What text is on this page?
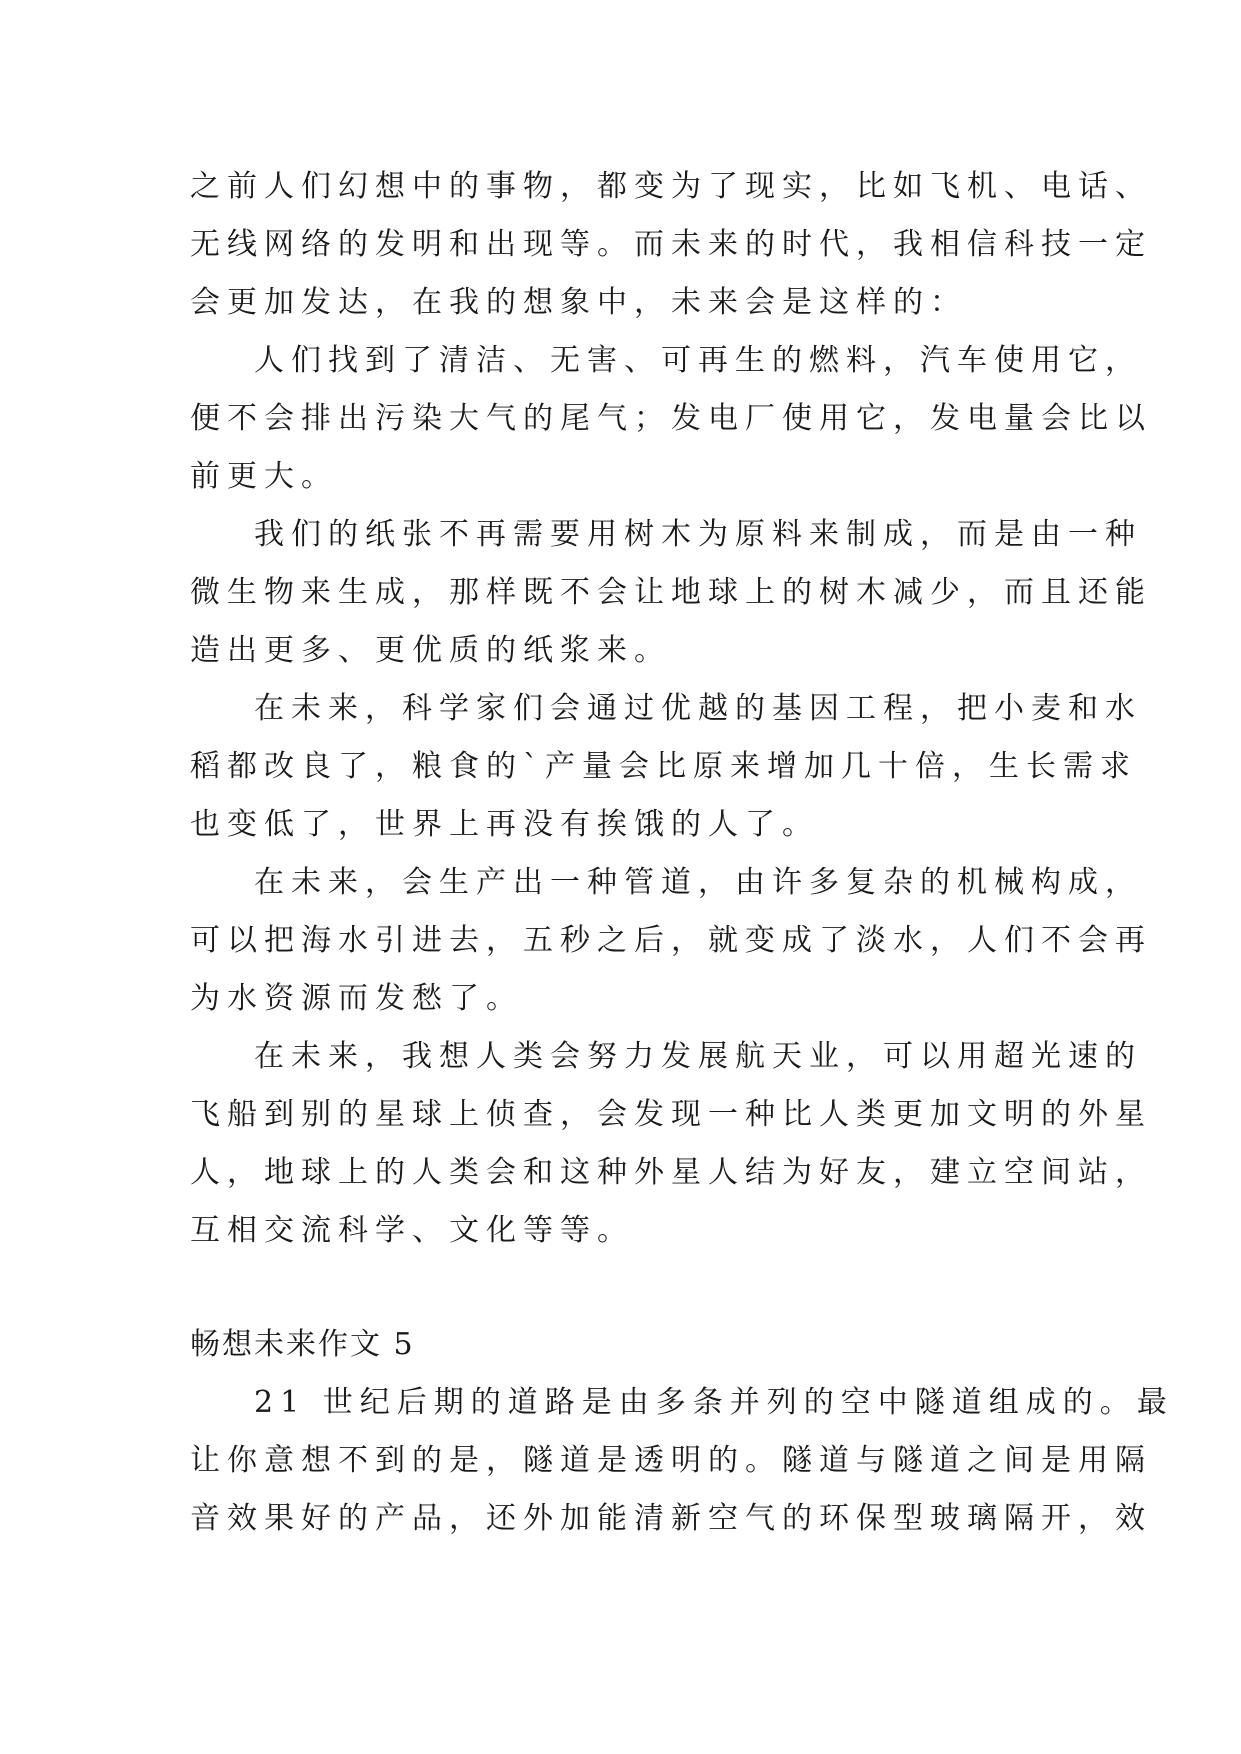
之前人们幻想中的事物，都变为了现实，比如飞机、电话、
无线网络的发明和出现等。而未来的时代，我相信科技一定
会更加发达，在我的想象中，未来会是这样的：
人们找到了清洁、无害、可再生的燃料，汽车使用它，
便不会排出污染大气的尾气；发电厂使用它，发电量会比以
前更大。
我们的纸张不再需要用树木为原料来制成，而是由一种
微生物来生成，那样既不会让地球上的树木减少，而且还能
造出更多、更优质的纸浆来。
在未来，科学家们会通过优越的基因工程，把小麦和水
稻都改良了，粮食的`产量会比原来增加几十倍，生长需求
也变低了，世界上再没有挨饿的人了。
在未来，会生产出一种管道，由许多复杂的机械构成，
可以把海水引进去，五秒之后，就变成了淡水，人们不会再
为水资源而发愁了。
在未来，我想人类会努力发展航天业，可以用超光速的
飞船到别的星球上侦查，会发现一种比人类更加文明的外星
人，地球上的人类会和这种外星人结为好友，建立空间站，
互相交流科学、文化等等。
畅想未来作文 5
21 世纪后期的道路是由多条并列的空中隧道组成的。最
让你意想不到的是，隧道是透明的。隧道与隧道之间是用隔
音效果好的产品，还外加能清新空气的环保型玻璃隔开，效
